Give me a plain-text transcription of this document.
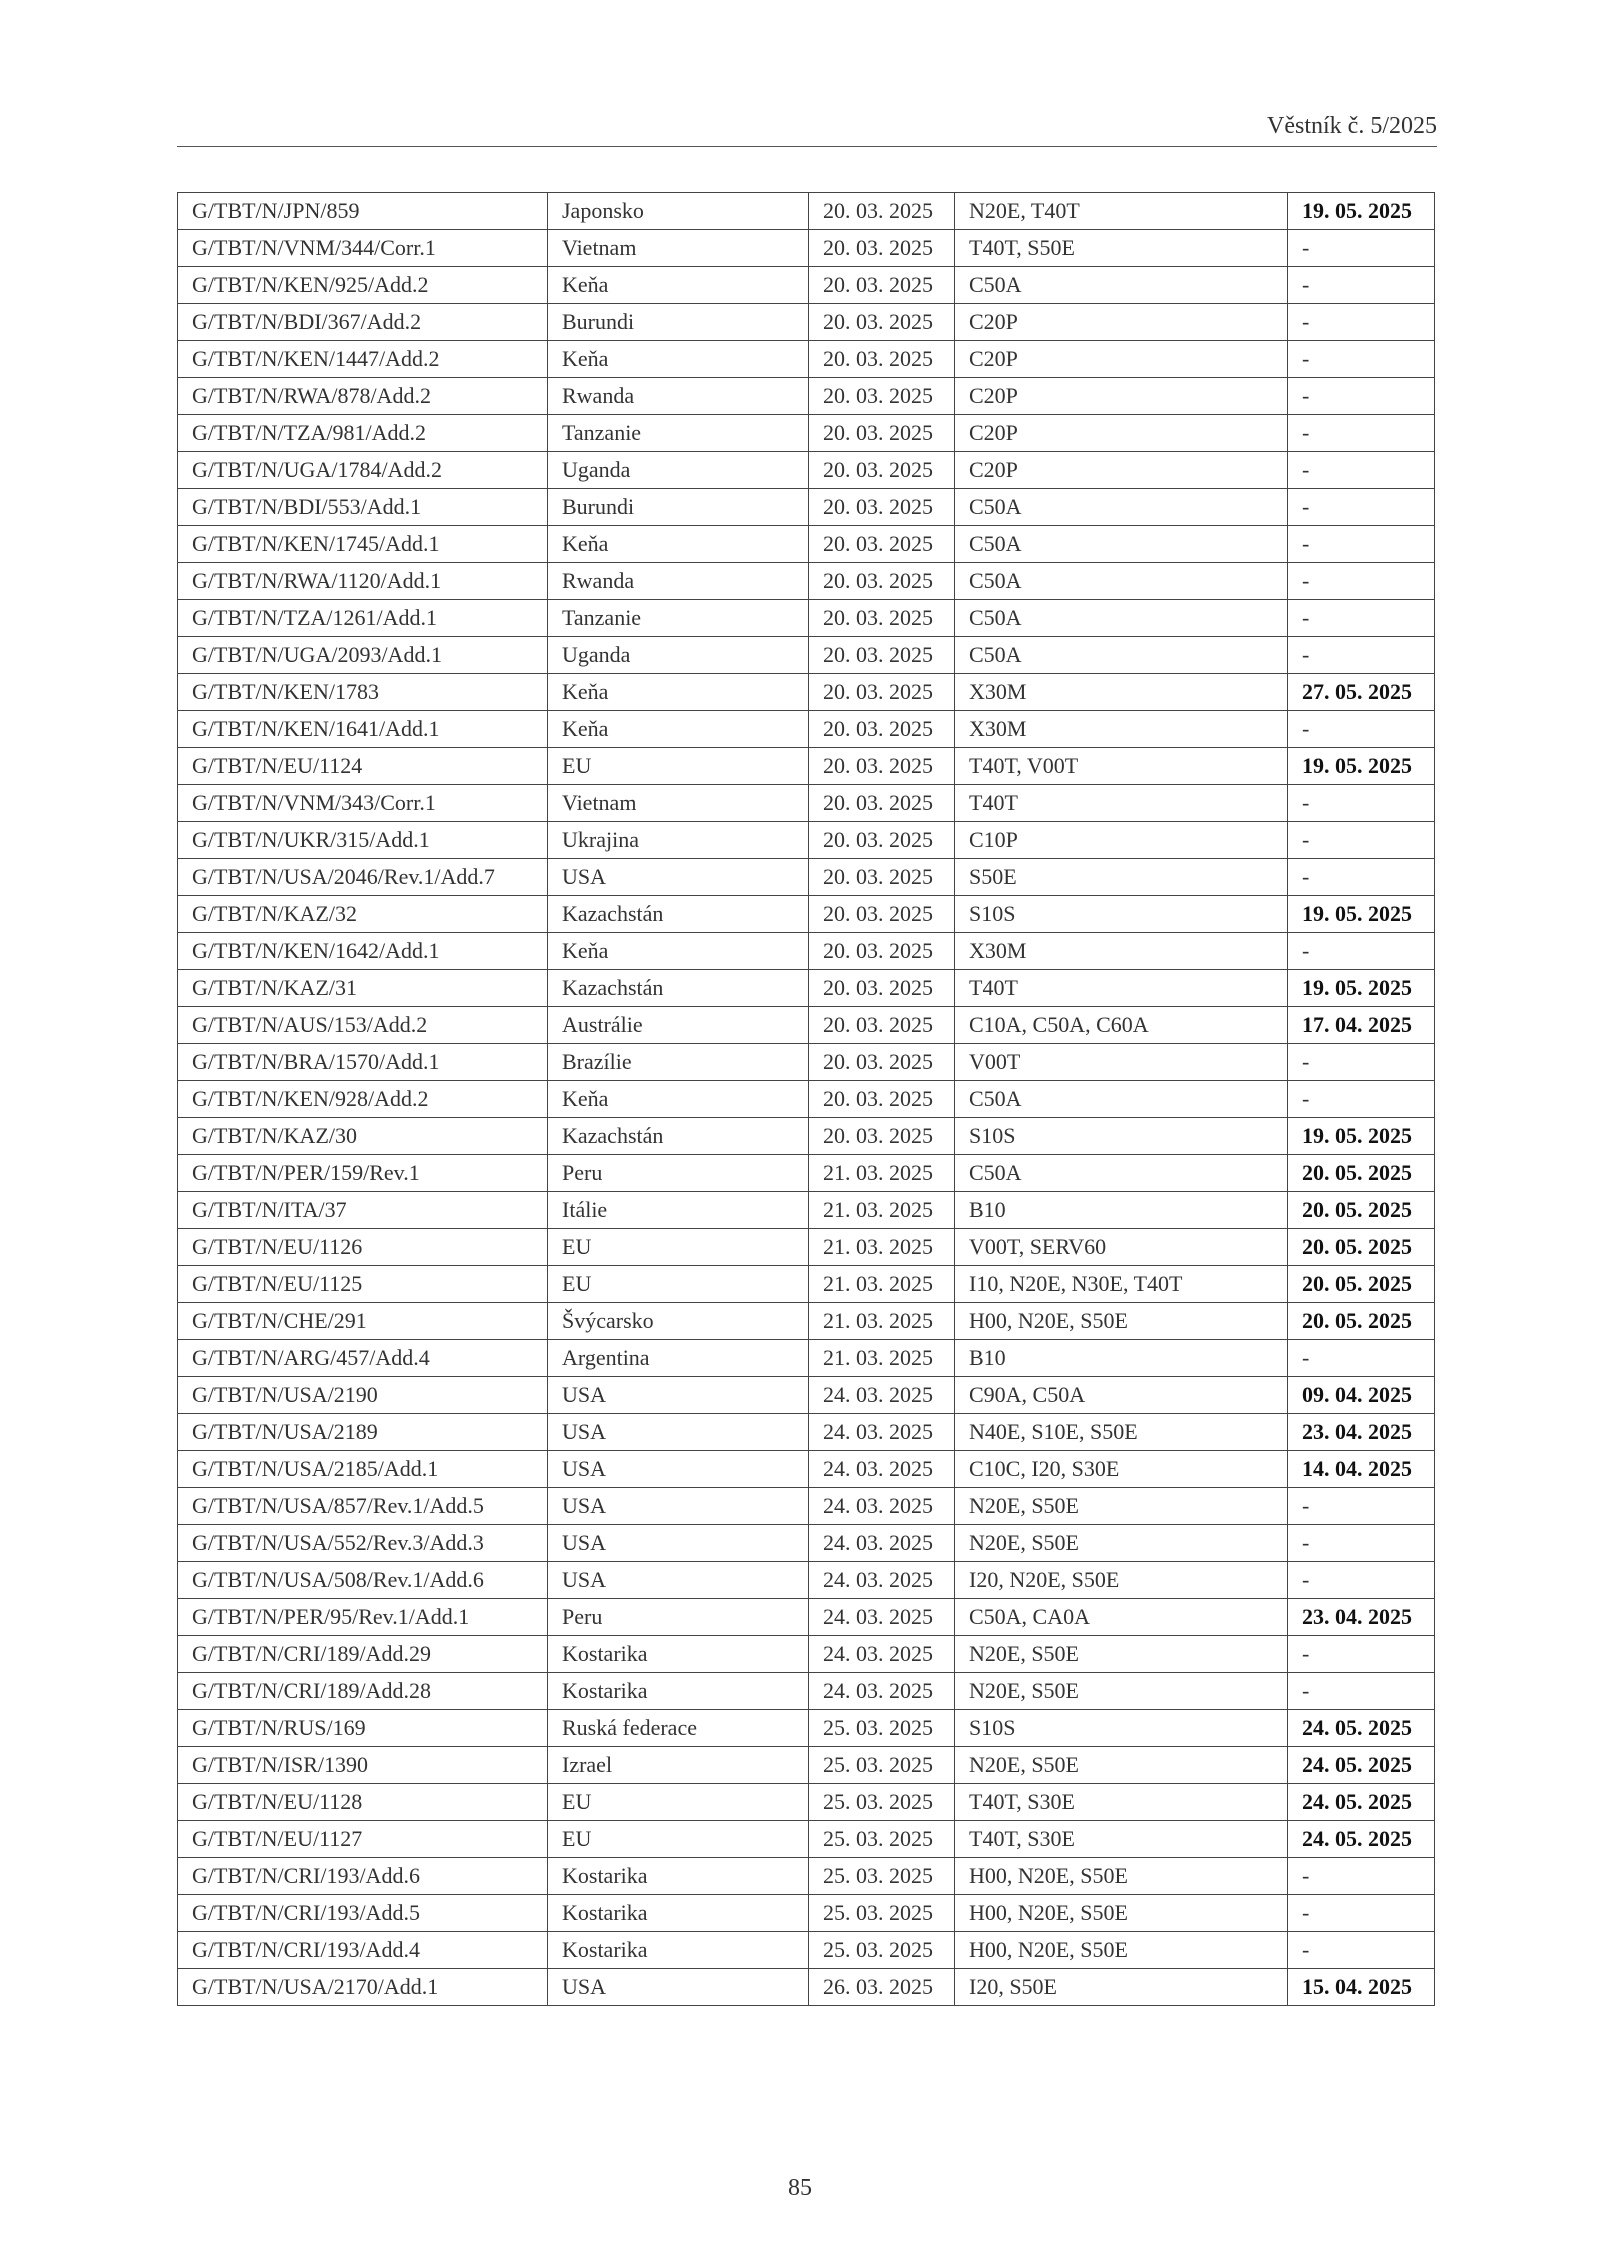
Věstník č. 5/2025
G/TBT/N/JPN/859	Japonsko	20. 03. 2025	N20E, T40T	19. 05. 2025
G/TBT/N/VNM/344/Corr.1	Vietnam	20. 03. 2025	T40T, S50E	-
G/TBT/N/KEN/925/Add.2	Keňa	20. 03. 2025	C50A	-
G/TBT/N/BDI/367/Add.2	Burundi	20. 03. 2025	C20P	-
G/TBT/N/KEN/1447/Add.2	Keňa	20. 03. 2025	C20P	-
G/TBT/N/RWA/878/Add.2	Rwanda	20. 03. 2025	C20P	-
G/TBT/N/TZA/981/Add.2	Tanzanie	20. 03. 2025	C20P	-
G/TBT/N/UGA/1784/Add.2	Uganda	20. 03. 2025	C20P	-
G/TBT/N/BDI/553/Add.1	Burundi	20. 03. 2025	C50A	-
G/TBT/N/KEN/1745/Add.1	Keňa	20. 03. 2025	C50A	-
G/TBT/N/RWA/1120/Add.1	Rwanda	20. 03. 2025	C50A	-
G/TBT/N/TZA/1261/Add.1	Tanzanie	20. 03. 2025	C50A	-
G/TBT/N/UGA/2093/Add.1	Uganda	20. 03. 2025	C50A	-
G/TBT/N/KEN/1783	Keňa	20. 03. 2025	X30M	27. 05. 2025
G/TBT/N/KEN/1641/Add.1	Keňa	20. 03. 2025	X30M	-
G/TBT/N/EU/1124	EU	20. 03. 2025	T40T, V00T	19. 05. 2025
G/TBT/N/VNM/343/Corr.1	Vietnam	20. 03. 2025	T40T	-
G/TBT/N/UKR/315/Add.1	Ukrajina	20. 03. 2025	C10P	-
G/TBT/N/USA/2046/Rev.1/Add.7	USA	20. 03. 2025	S50E	-
G/TBT/N/KAZ/32	Kazachstán	20. 03. 2025	S10S	19. 05. 2025
G/TBT/N/KEN/1642/Add.1	Keňa	20. 03. 2025	X30M	-
G/TBT/N/KAZ/31	Kazachstán	20. 03. 2025	T40T	19. 05. 2025
G/TBT/N/AUS/153/Add.2	Austrálie	20. 03. 2025	C10A, C50A, C60A	17. 04. 2025
G/TBT/N/BRA/1570/Add.1	Brazílie	20. 03. 2025	V00T	-
G/TBT/N/KEN/928/Add.2	Keňa	20. 03. 2025	C50A	-
G/TBT/N/KAZ/30	Kazachstán	20. 03. 2025	S10S	19. 05. 2025
G/TBT/N/PER/159/Rev.1	Peru	21. 03. 2025	C50A	20. 05. 2025
G/TBT/N/ITA/37	Itálie	21. 03. 2025	B10	20. 05. 2025
G/TBT/N/EU/1126	EU	21. 03. 2025	V00T, SERV60	20. 05. 2025
G/TBT/N/EU/1125	EU	21. 03. 2025	I10, N20E, N30E, T40T	20. 05. 2025
G/TBT/N/CHE/291	Švýcarsko	21. 03. 2025	H00, N20E, S50E	20. 05. 2025
G/TBT/N/ARG/457/Add.4	Argentina	21. 03. 2025	B10	-
G/TBT/N/USA/2190	USA	24. 03. 2025	C90A, C50A	09. 04. 2025
G/TBT/N/USA/2189	USA	24. 03. 2025	N40E, S10E, S50E	23. 04. 2025
G/TBT/N/USA/2185/Add.1	USA	24. 03. 2025	C10C, I20, S30E	14. 04. 2025
G/TBT/N/USA/857/Rev.1/Add.5	USA	24. 03. 2025	N20E, S50E	-
G/TBT/N/USA/552/Rev.3/Add.3	USA	24. 03. 2025	N20E, S50E	-
G/TBT/N/USA/508/Rev.1/Add.6	USA	24. 03. 2025	I20, N20E, S50E	-
G/TBT/N/PER/95/Rev.1/Add.1	Peru	24. 03. 2025	C50A, CA0A	23. 04. 2025
G/TBT/N/CRI/189/Add.29	Kostarika	24. 03. 2025	N20E, S50E	-
G/TBT/N/CRI/189/Add.28	Kostarika	24. 03. 2025	N20E, S50E	-
G/TBT/N/RUS/169	Ruská federace	25. 03. 2025	S10S	24. 05. 2025
G/TBT/N/ISR/1390	Izrael	25. 03. 2025	N20E, S50E	24. 05. 2025
G/TBT/N/EU/1128	EU	25. 03. 2025	T40T, S30E	24. 05. 2025
G/TBT/N/EU/1127	EU	25. 03. 2025	T40T, S30E	24. 05. 2025
G/TBT/N/CRI/193/Add.6	Kostarika	25. 03. 2025	H00, N20E, S50E	-
G/TBT/N/CRI/193/Add.5	Kostarika	25. 03. 2025	H00, N20E, S50E	-
G/TBT/N/CRI/193/Add.4	Kostarika	25. 03. 2025	H00, N20E, S50E	-
G/TBT/N/USA/2170/Add.1	USA	26. 03. 2025	I20, S50E	15. 04. 2025
85
